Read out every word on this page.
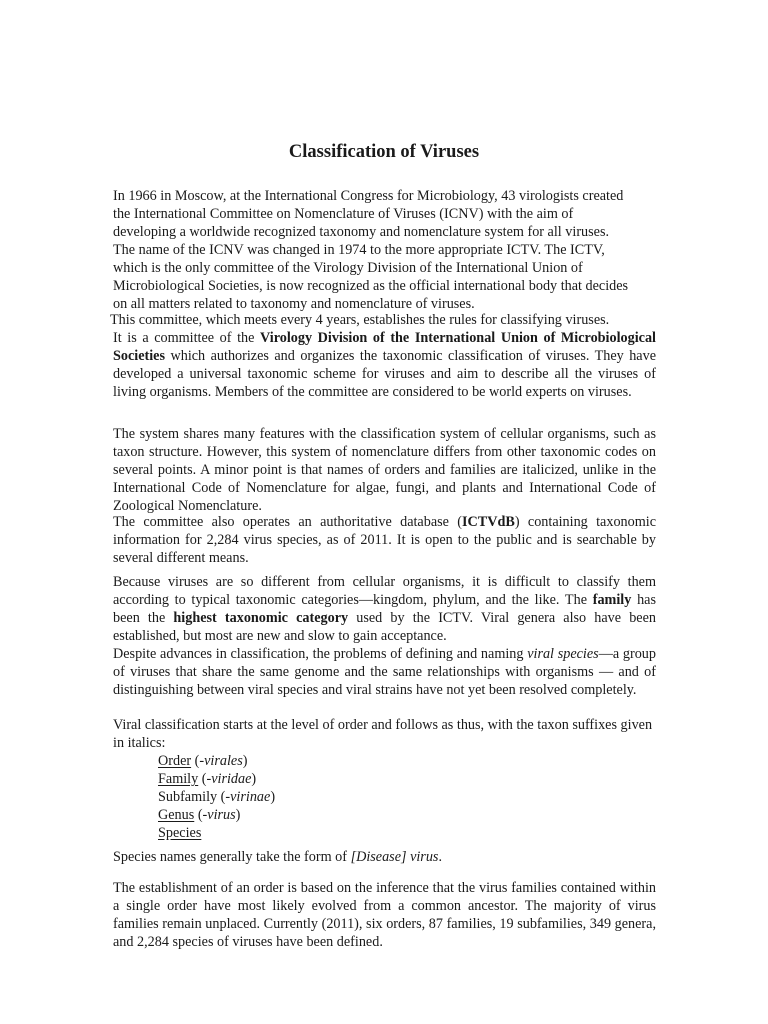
Classification of Viruses
In 1966 in Moscow, at the International Congress for Microbiology, 43 virologists created
the International Committee on Nomenclature of Viruses (ICNV) with the aim of
developing a worldwide recognized taxonomy and nomenclature system for all viruses.
The name of the ICNV was changed in 1974 to the more appropriate ICTV. The ICTV,
which is the only committee of the Virology Division of the International Union of
Microbiological Societies, is now recognized as the official international body that decides
on all matters related to taxonomy and nomenclature of viruses.
This committee, which meets every 4 years, establishes the rules for classifying viruses.
It is a committee of the Virology Division of the International Union of Microbiological Societies which authorizes and organizes the taxonomic classification of viruses. They have developed a universal taxonomic scheme for viruses and aim to describe all the viruses of living organisms. Members of the committee are considered to be world experts on viruses.
The system shares many features with the classification system of cellular organisms, such as taxon structure. However, this system of nomenclature differs from other taxonomic codes on several points. A minor point is that names of orders and families are italicized, unlike in the International Code of Nomenclature for algae, fungi, and plants and International Code of Zoological Nomenclature.
The committee also operates an authoritative database (ICTVdB) containing taxonomic information for 2,284 virus species, as of 2011. It is open to the public and is searchable by several different means.
Because viruses are so different from cellular organisms, it is difficult to classify them according to typical taxonomic categories—kingdom, phylum, and the like. The family has been the highest taxonomic category used by the ICTV. Viral genera also have been established, but most are new and slow to gain acceptance.
Despite advances in classification, the problems of defining and naming viral species—a group of viruses that share the same genome and the same relationships with organisms — and of distinguishing between viral species and viral strains have not yet been resolved completely.
Viral classification starts at the level of order and follows as thus, with the taxon suffixes given in italics:
Order (-virales)
Family (-viridae)
Subfamily (-virinae)
Genus (-virus)
Species
Species names generally take the form of [Disease] virus.
The establishment of an order is based on the inference that the virus families contained within a single order have most likely evolved from a common ancestor. The majority of virus families remain unplaced. Currently (2011), six orders, 87 families, 19 subfamilies, 349 genera, and 2,284 species of viruses have been defined.
